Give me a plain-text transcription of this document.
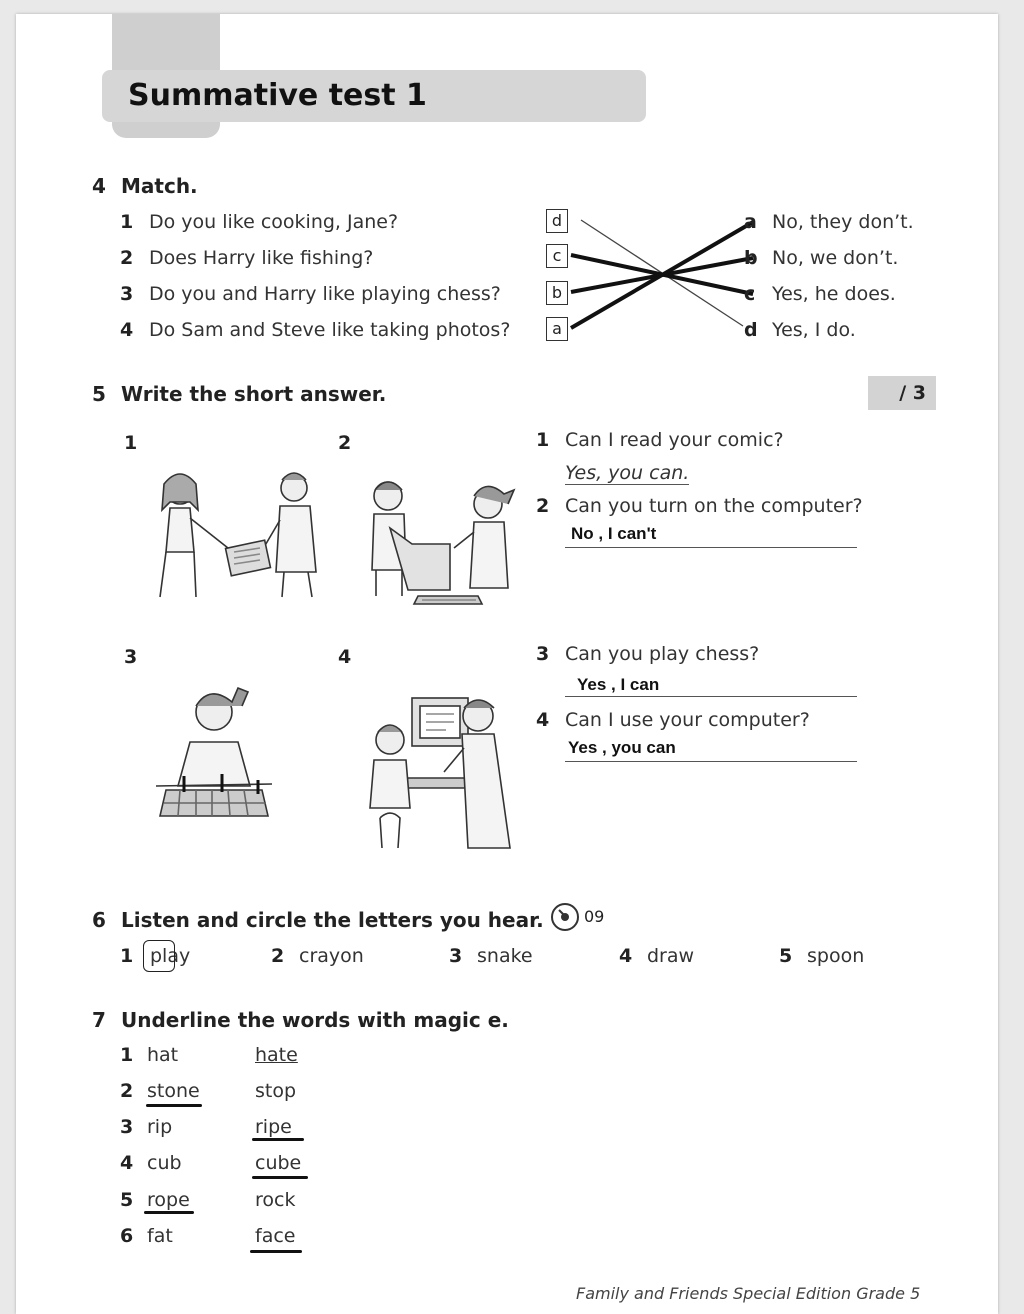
Summative test 1
4 Match.
1 Do you like cooking, Jane?
2 Does Harry like fishing?
3 Do you and Harry like playing chess?
4 Do Sam and Steve like taking photos?
d
c
b
a
a No, they don’t.
b No, we don’t.
c Yes, he does.
d Yes, I do.
5 Write the short answer.	/ 3
1	2
3	4
1 Can I read your comic?
Yes, you can.
2 Can you turn on the computer?
No , I can't
3 Can you play chess?
Yes , I can
4 Can I use your computer?
Yes , you can
6 Listen and circle the letters you hear.	09
1 play	2 crayon	3 snake	4 draw	5 spoon
7 Underline the words with magic e.
1 hat	hate
2 stone	stop
3 rip	ripe
4 cub	cube
5 rope	rock
6 fat	face
Family and Friends Special Edition Grade 5
